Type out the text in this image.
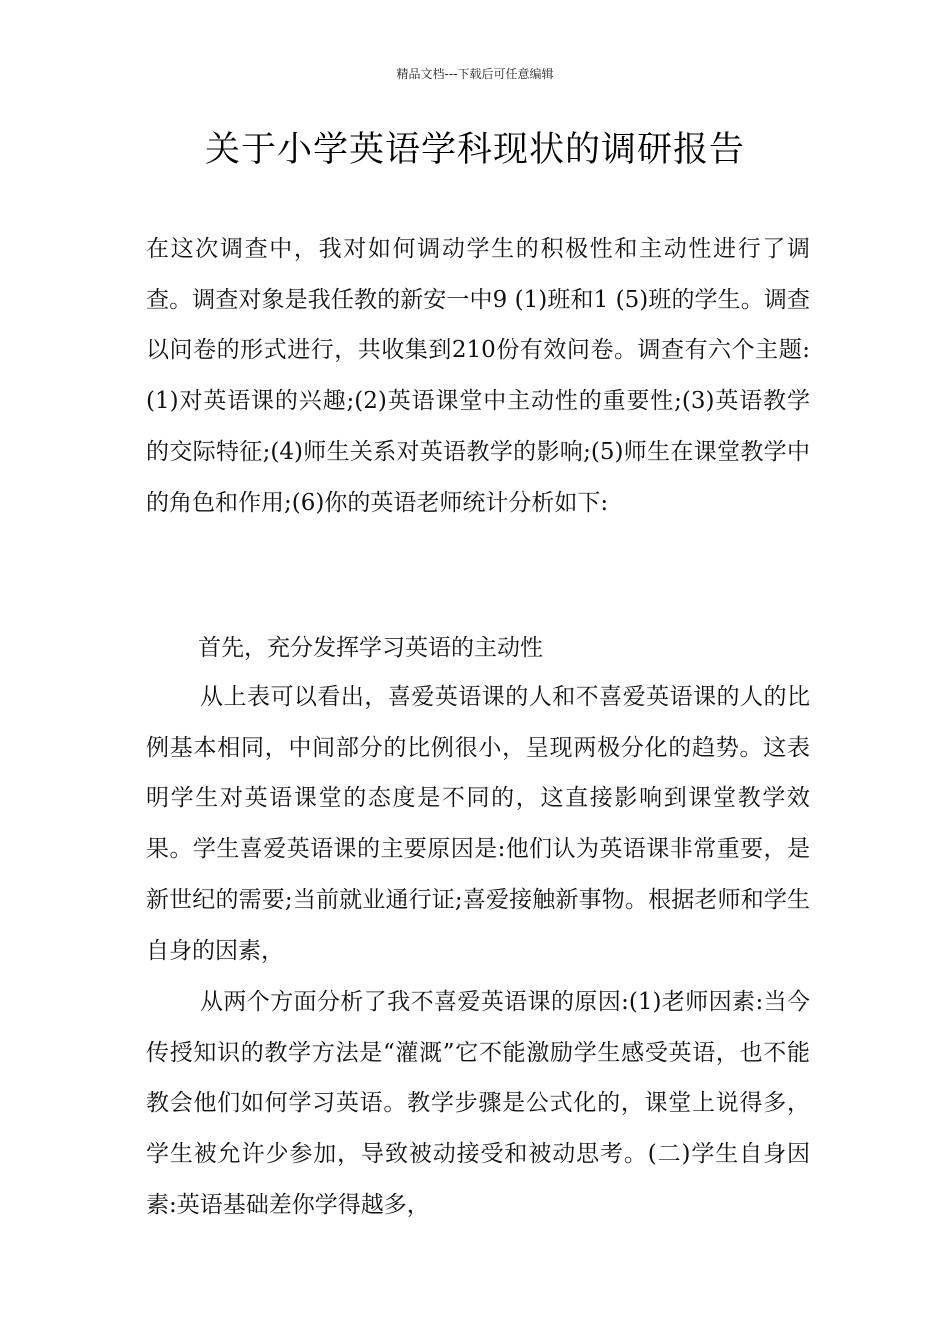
精品文档---下载后可任意编辑
关于小学英语学科现状的调研报告

在这次调查中，我对如何调动学生的积极性和主动性进行了调查。调查对象是我任教的新安一中9 (1)班和1 (5)班的学生。调查以问卷的形式进行，共收集到210份有效问卷。调查有六个主题:(1)对英语课的兴趣;(2)英语课堂中主动性的重要性;(3)英语教学的交际特征;(4)师生关系对英语教学的影响;(5)师生在课堂教学中的角色和作用;(6)你的英语老师统计分析如下:

首先，充分发挥学习英语的主动性

从上表可以看出，喜爱英语课的人和不喜爱英语课的人的比例基本相同，中间部分的比例很小，呈现两极分化的趋势。这表明学生对英语课堂的态度是不同的，这直接影响到课堂教学效果。学生喜爱英语课的主要原因是:他们认为英语课非常重要，是新世纪的需要;当前就业通行证;喜爱接触新事物。根据老师和学生自身的因素，

从两个方面分析了我不喜爱英语课的原因:(1)老师因素:当今传授知识的教学方法是“灌溉”它不能激励学生感受英语，也不能教会他们如何学习英语。教学步骤是公式化的，课堂上说得多，学生被允许少参加，导致被动接受和被动思考。(二)学生自身因素:英语基础差你学得越多，
